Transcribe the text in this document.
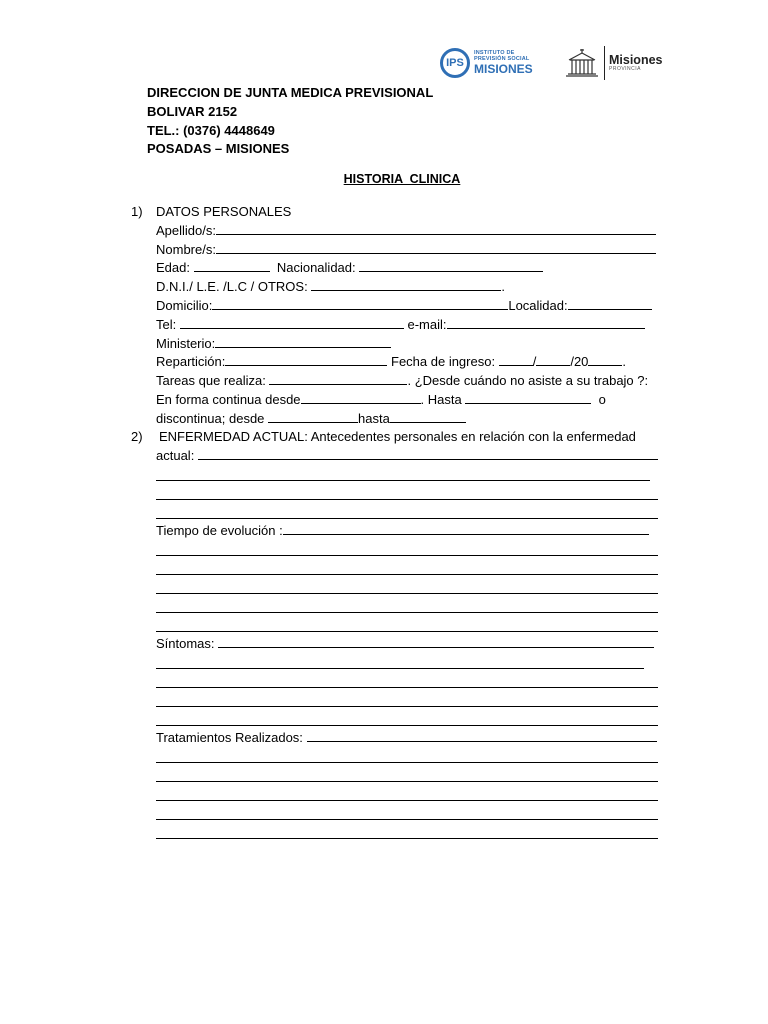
IPS
INSTITUTO DE
PREVISIÓN SOCIAL
MISIONES
Misiones
PROVINCIA
DIRECCION DE JUNTA MEDICA PREVISIONAL
BOLIVAR 2152
TEL.: (0376) 4448649
POSADAS – MISIONES
HISTORIA  CLINICA
1) DATOS PERSONALES
Apellido/s:
Nombre/s:
Edad:	Nacionalidad:
D.N.I./ L.E. /L.C / OTROS:	.
Domicilio:	Localidad:
Tel:	e-mail:
Ministerio:
Repartición:	Fecha de ingreso:	/	/20	.
Tareas que realiza:	. ¿Desde cuándo no asiste a su trabajo ?:
En forma continua desde	. Hasta	o
discontinua; desde	hasta
2) ENFERMEDAD ACTUAL: Antecedentes personales en relación con la enfermedad
actual:
Tiempo de evolución :
Síntomas:
Tratamientos Realizados:
